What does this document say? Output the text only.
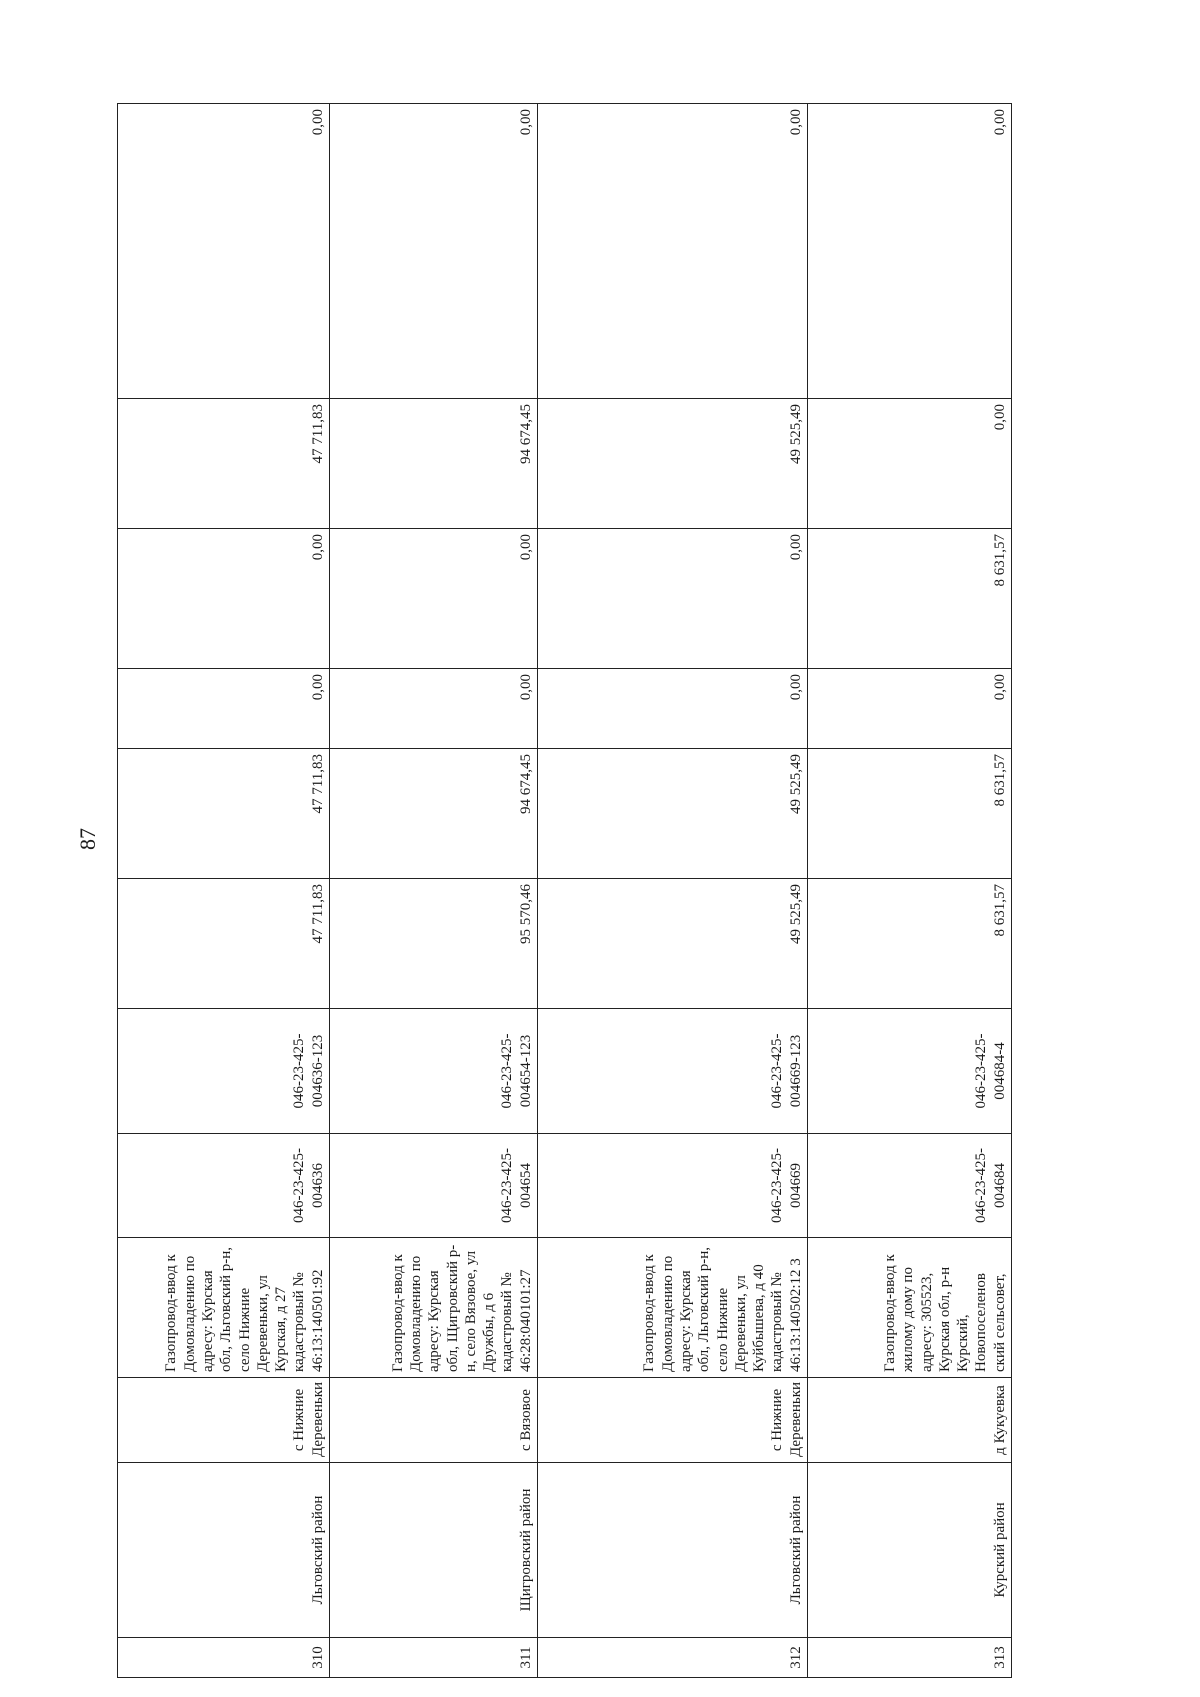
87
310	Льговский район	с Нижние Деревеньки	Газопровод-ввод к Домовладению по адресу: Курская обл, Льговский р-н, село Нижние Деревеньки, ул Курская, д 27 кадастровый № 46:13:140501:92	046-23-425-004636	046-23-425-004636-123	47 711,83	47 711,83	0,00	0,00	47 711,83	0,00
311	Щигровский район	с Вязовое	Газопровод-ввод к Домовладению по адресу: Курская обл, Щигровский р-н, село Вязовое, ул Дружбы, д 6 кадастровый № 46:28:040101:27	046-23-425-004654	046-23-425-004654-123	95 570,46	94 674,45	0,00	0,00	94 674,45	0,00
312	Льговский район	с Нижние Деревеньки	Газопровод-ввод к Домовладению по адресу: Курская обл, Льговский р-н, село Нижние Деревеньки, ул Куйбышева, д 40 кадастровый № 46:13:140502:12 3	046-23-425-004669	046-23-425-004669-123	49 525,49	49 525,49	0,00	0,00	49 525,49	0,00
313	Курский район	д Кукуевка	Газопровод-ввод к жилому дому по адресу: 305523, Курская обл, р-н Курский, Новопоселенов ский сельсовет,	046-23-425-004684	046-23-425-004684-4	8 631,57	8 631,57	0,00	8 631,57	0,00	0,00
